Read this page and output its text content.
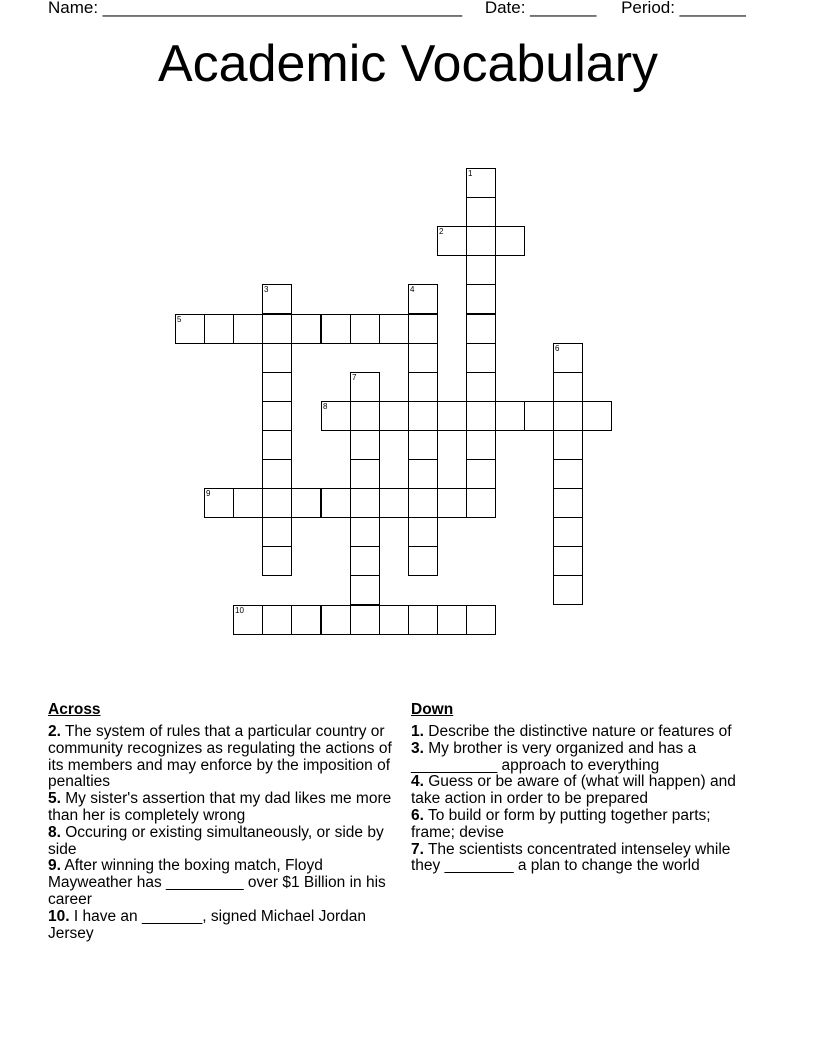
Name: ______________________________________ Date: _______ Period: _______
Academic Vocabulary
1
2
3	4
5
6
7
8
9
10
Across
2. The system of rules that a particular country or community recognizes as regulating the actions of its members and may enforce by the imposition of penalties
5. My sister's assertion that my dad likes me more than her is completely wrong
8. Occuring or existing simultaneously, or side by side
9. After winning the boxing match, Floyd Mayweather has _________ over $1 Billion in his career
10. I have an _______, signed Michael Jordan Jersey
Down
1. Describe the distinctive nature or features of
3. My brother is very organized and has a __________ approach to everything
4. Guess or be aware of (what will happen) and take action in order to be prepared
6. To build or form by putting together parts; frame; devise
7. The scientists concentrated intenseley while they ________ a plan to change the world
